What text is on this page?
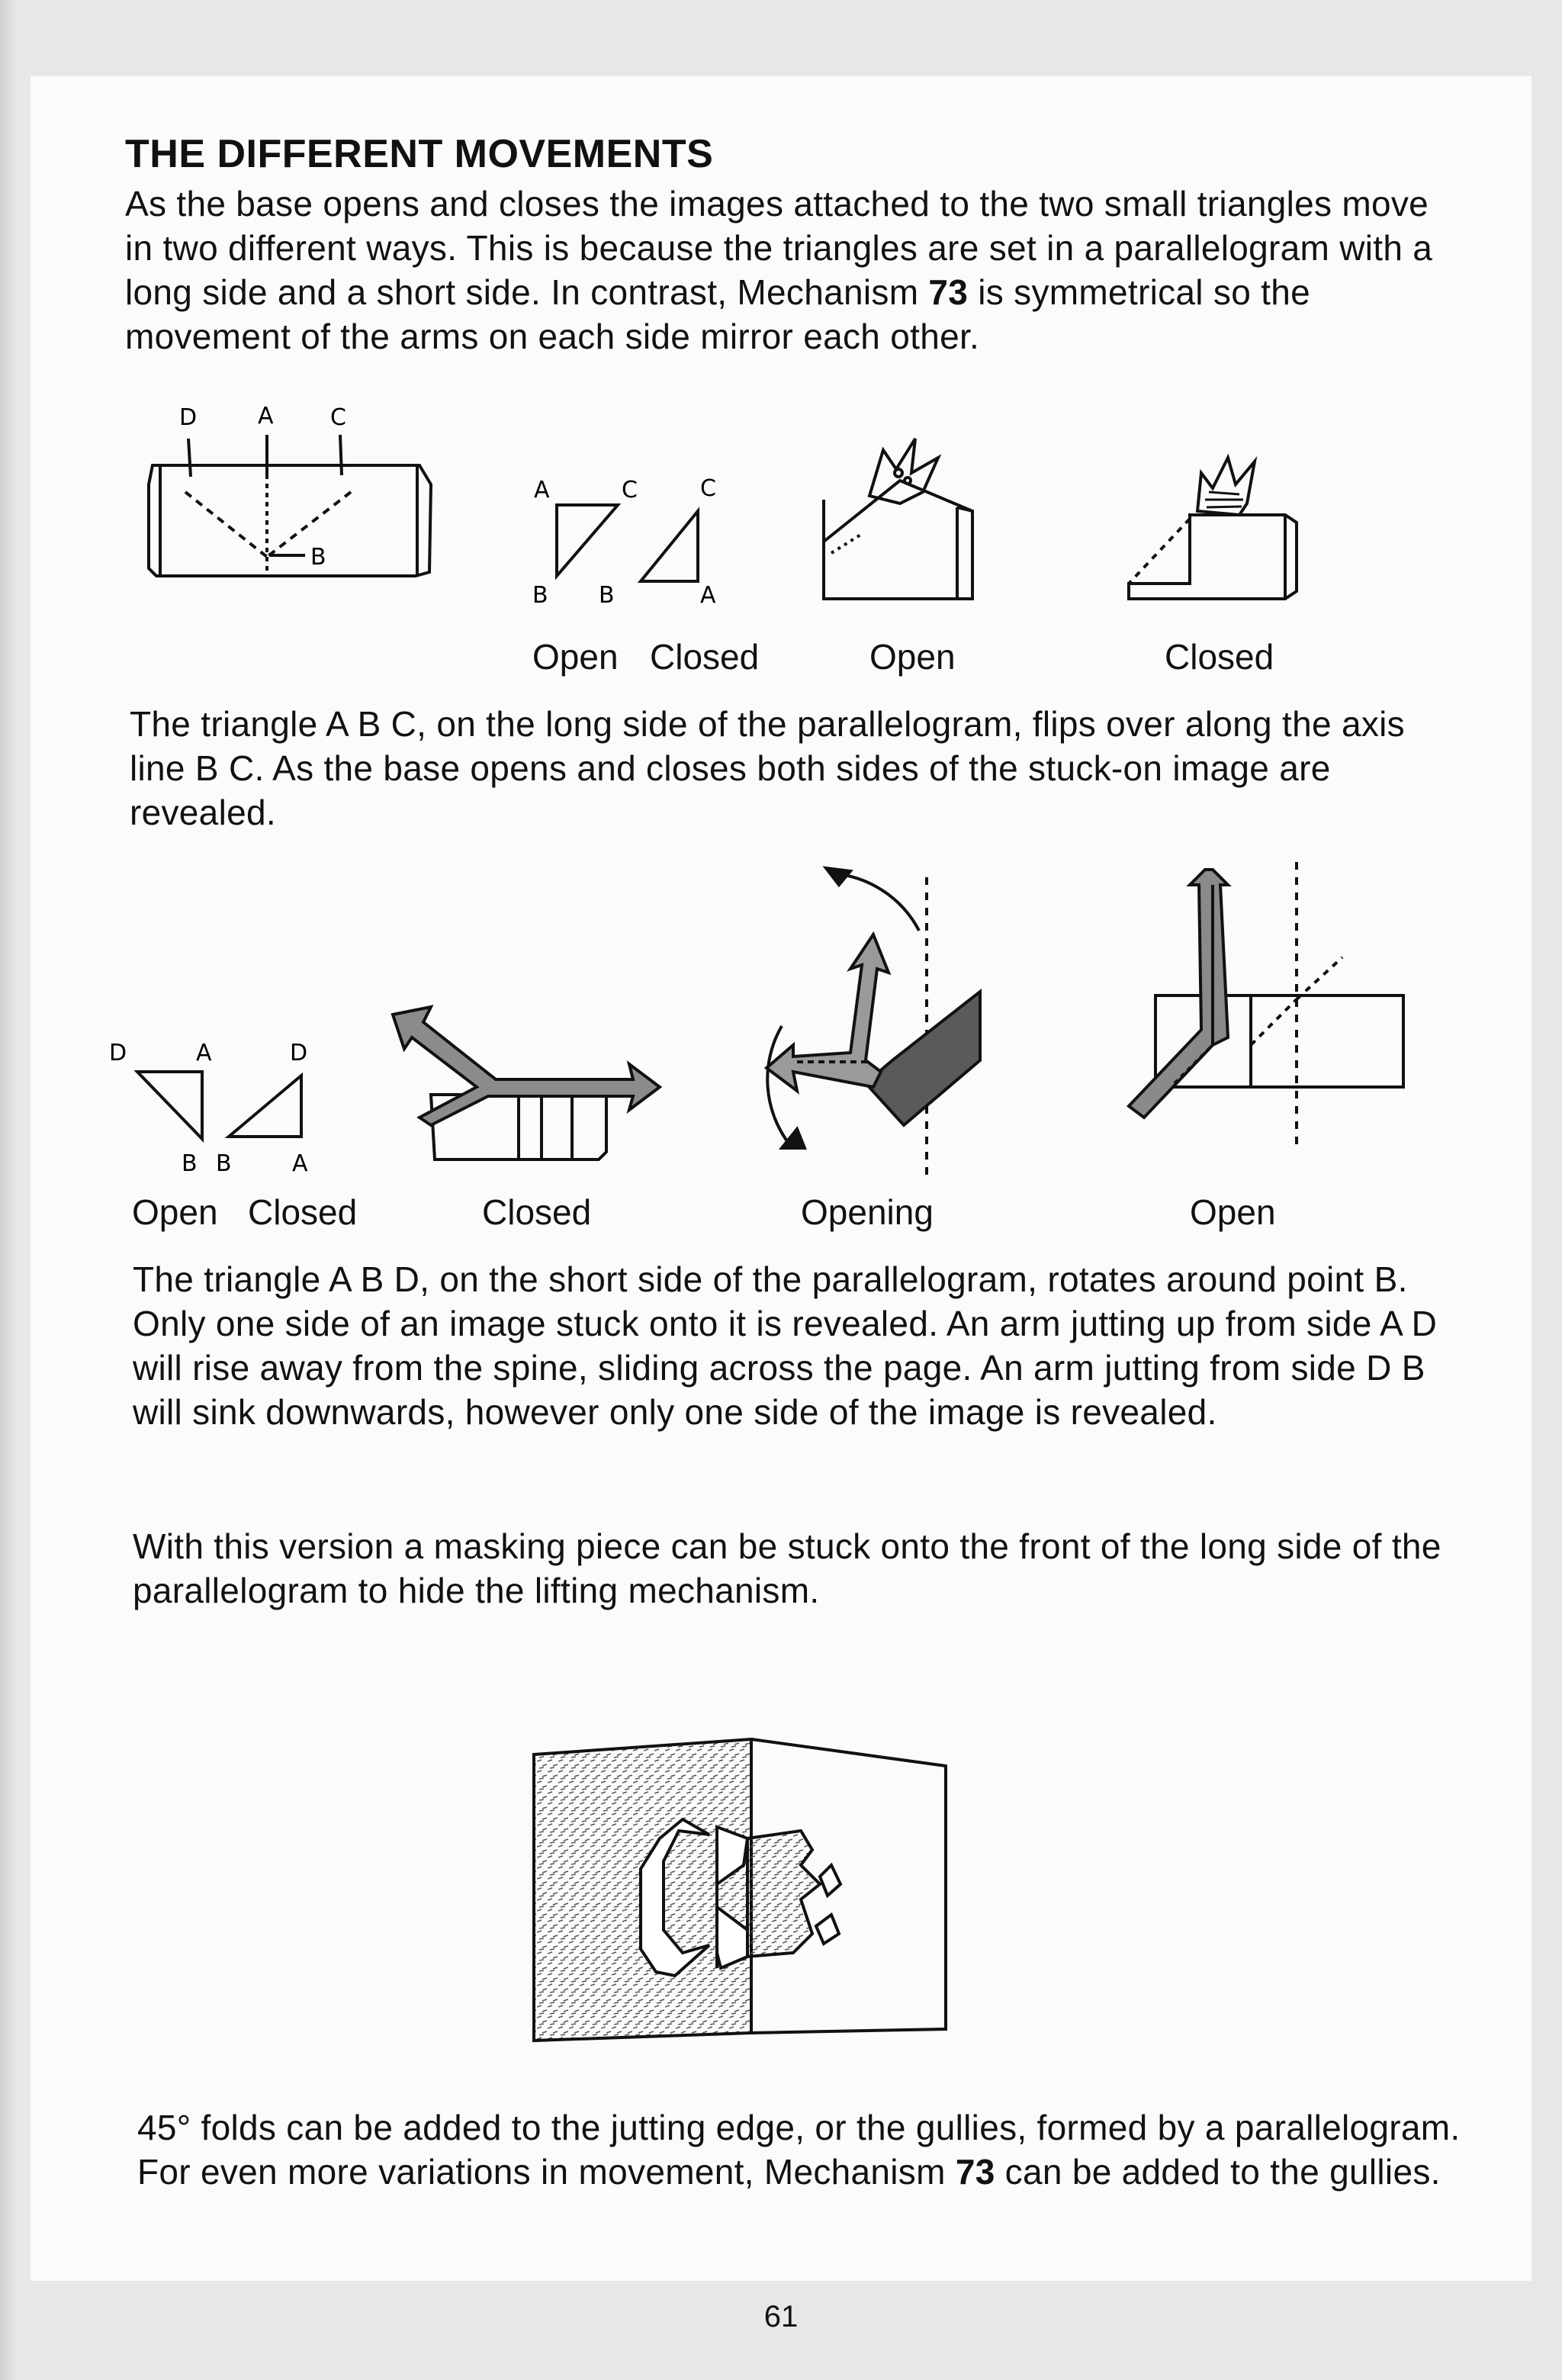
THE DIFFERENT MOVEMENTS

As the base opens and closes the images attached to the two small triangles move in two different ways. This is because the triangles are set in a parallelogram with a long side and a short side. In contrast, Mechanism 73 is symmetrical so the movement of the arms on each side mirror each other.

D	A C
B
A	C	C
B B	A
Open Closed	Open	Closed

The triangle A B C, on the long side of the parallelogram, flips over along the axis line B C. As the base opens and closes both sides of the stuck-on image are revealed.

D	A	D
B B	A
Open Closed	Closed	Opening	Open

The triangle A B D, on the short side of the parallelogram, rotates around point B. Only one side of an image stuck onto it is revealed. An arm jutting up from side A D will rise away from the spine, sliding across the page. An arm jutting from side D B will sink downwards, however only one side of the image is revealed.

With this version a masking piece can be stuck onto the front of the long side of the parallelogram to hide the lifting mechanism.

45° folds can be added to the jutting edge, or the gullies, formed by a parallelogram. For even more variations in movement, Mechanism 73 can be added to the gullies.

61
